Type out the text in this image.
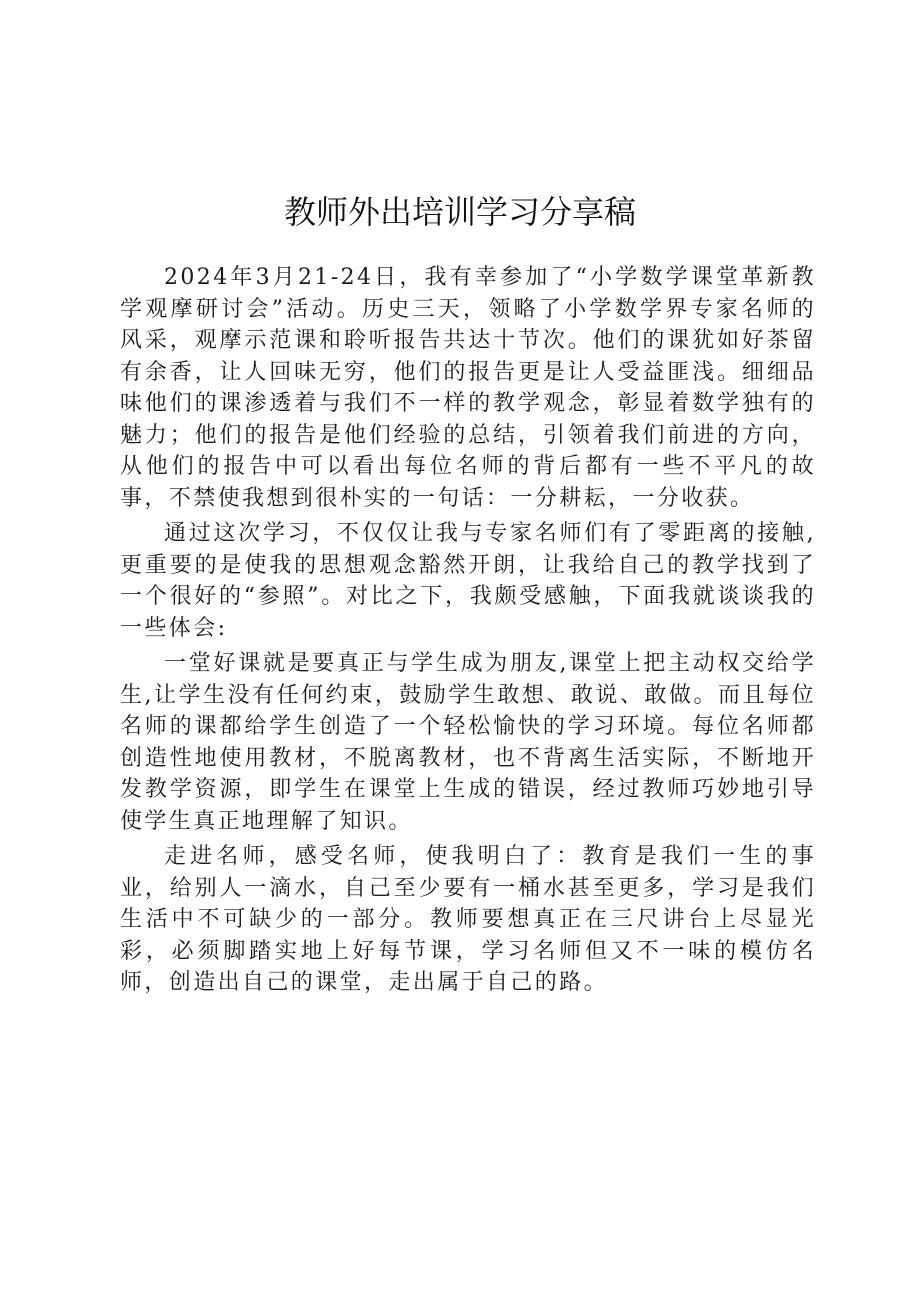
教师外出培训学习分享稿

2024年3月21-24日，我有幸参加了“小学数学课堂革新教学观摩研讨会”活动。历史三天，领略了小学数学界专家名师的风采，观摩示范课和聆听报告共达十节次。他们的课犹如好茶留有余香，让人回味无穷，他们的报告更是让人受益匪浅。细细品味他们的课渗透着与我们不一样的教学观念，彰显着数学独有的魅力；他们的报告是他们经验的总结，引领着我们前进的方向，从他们的报告中可以看出每位名师的背后都有一些不平凡的故事，不禁使我想到很朴实的一句话：一分耕耘，一分收获。

通过这次学习，不仅仅让我与专家名师们有了零距离的接触,更重要的是使我的思想观念豁然开朗，让我给自己的教学找到了一个很好的“参照”。对比之下，我颇受感触，下面我就谈谈我的一些体会:

一堂好课就是要真正与学生成为朋友,课堂上把主动权交给学生,让学生没有任何约束，鼓励学生敢想、敢说、敢做。而且每位名师的课都给学生创造了一个轻松愉快的学习环境。每位名师都创造性地使用教材，不脱离教材，也不背离生活实际，不断地开发教学资源，即学生在课堂上生成的错误，经过教师巧妙地引导使学生真正地理解了知识。

走进名师，感受名师，使我明白了：教育是我们一生的事业，给别人一滴水，自己至少要有一桶水甚至更多，学习是我们生活中不可缺少的一部分。教师要想真正在三尺讲台上尽显光彩，必须脚踏实地上好每节课，学习名师但又不一味的模仿名师，创造出自己的课堂，走出属于自己的路。
